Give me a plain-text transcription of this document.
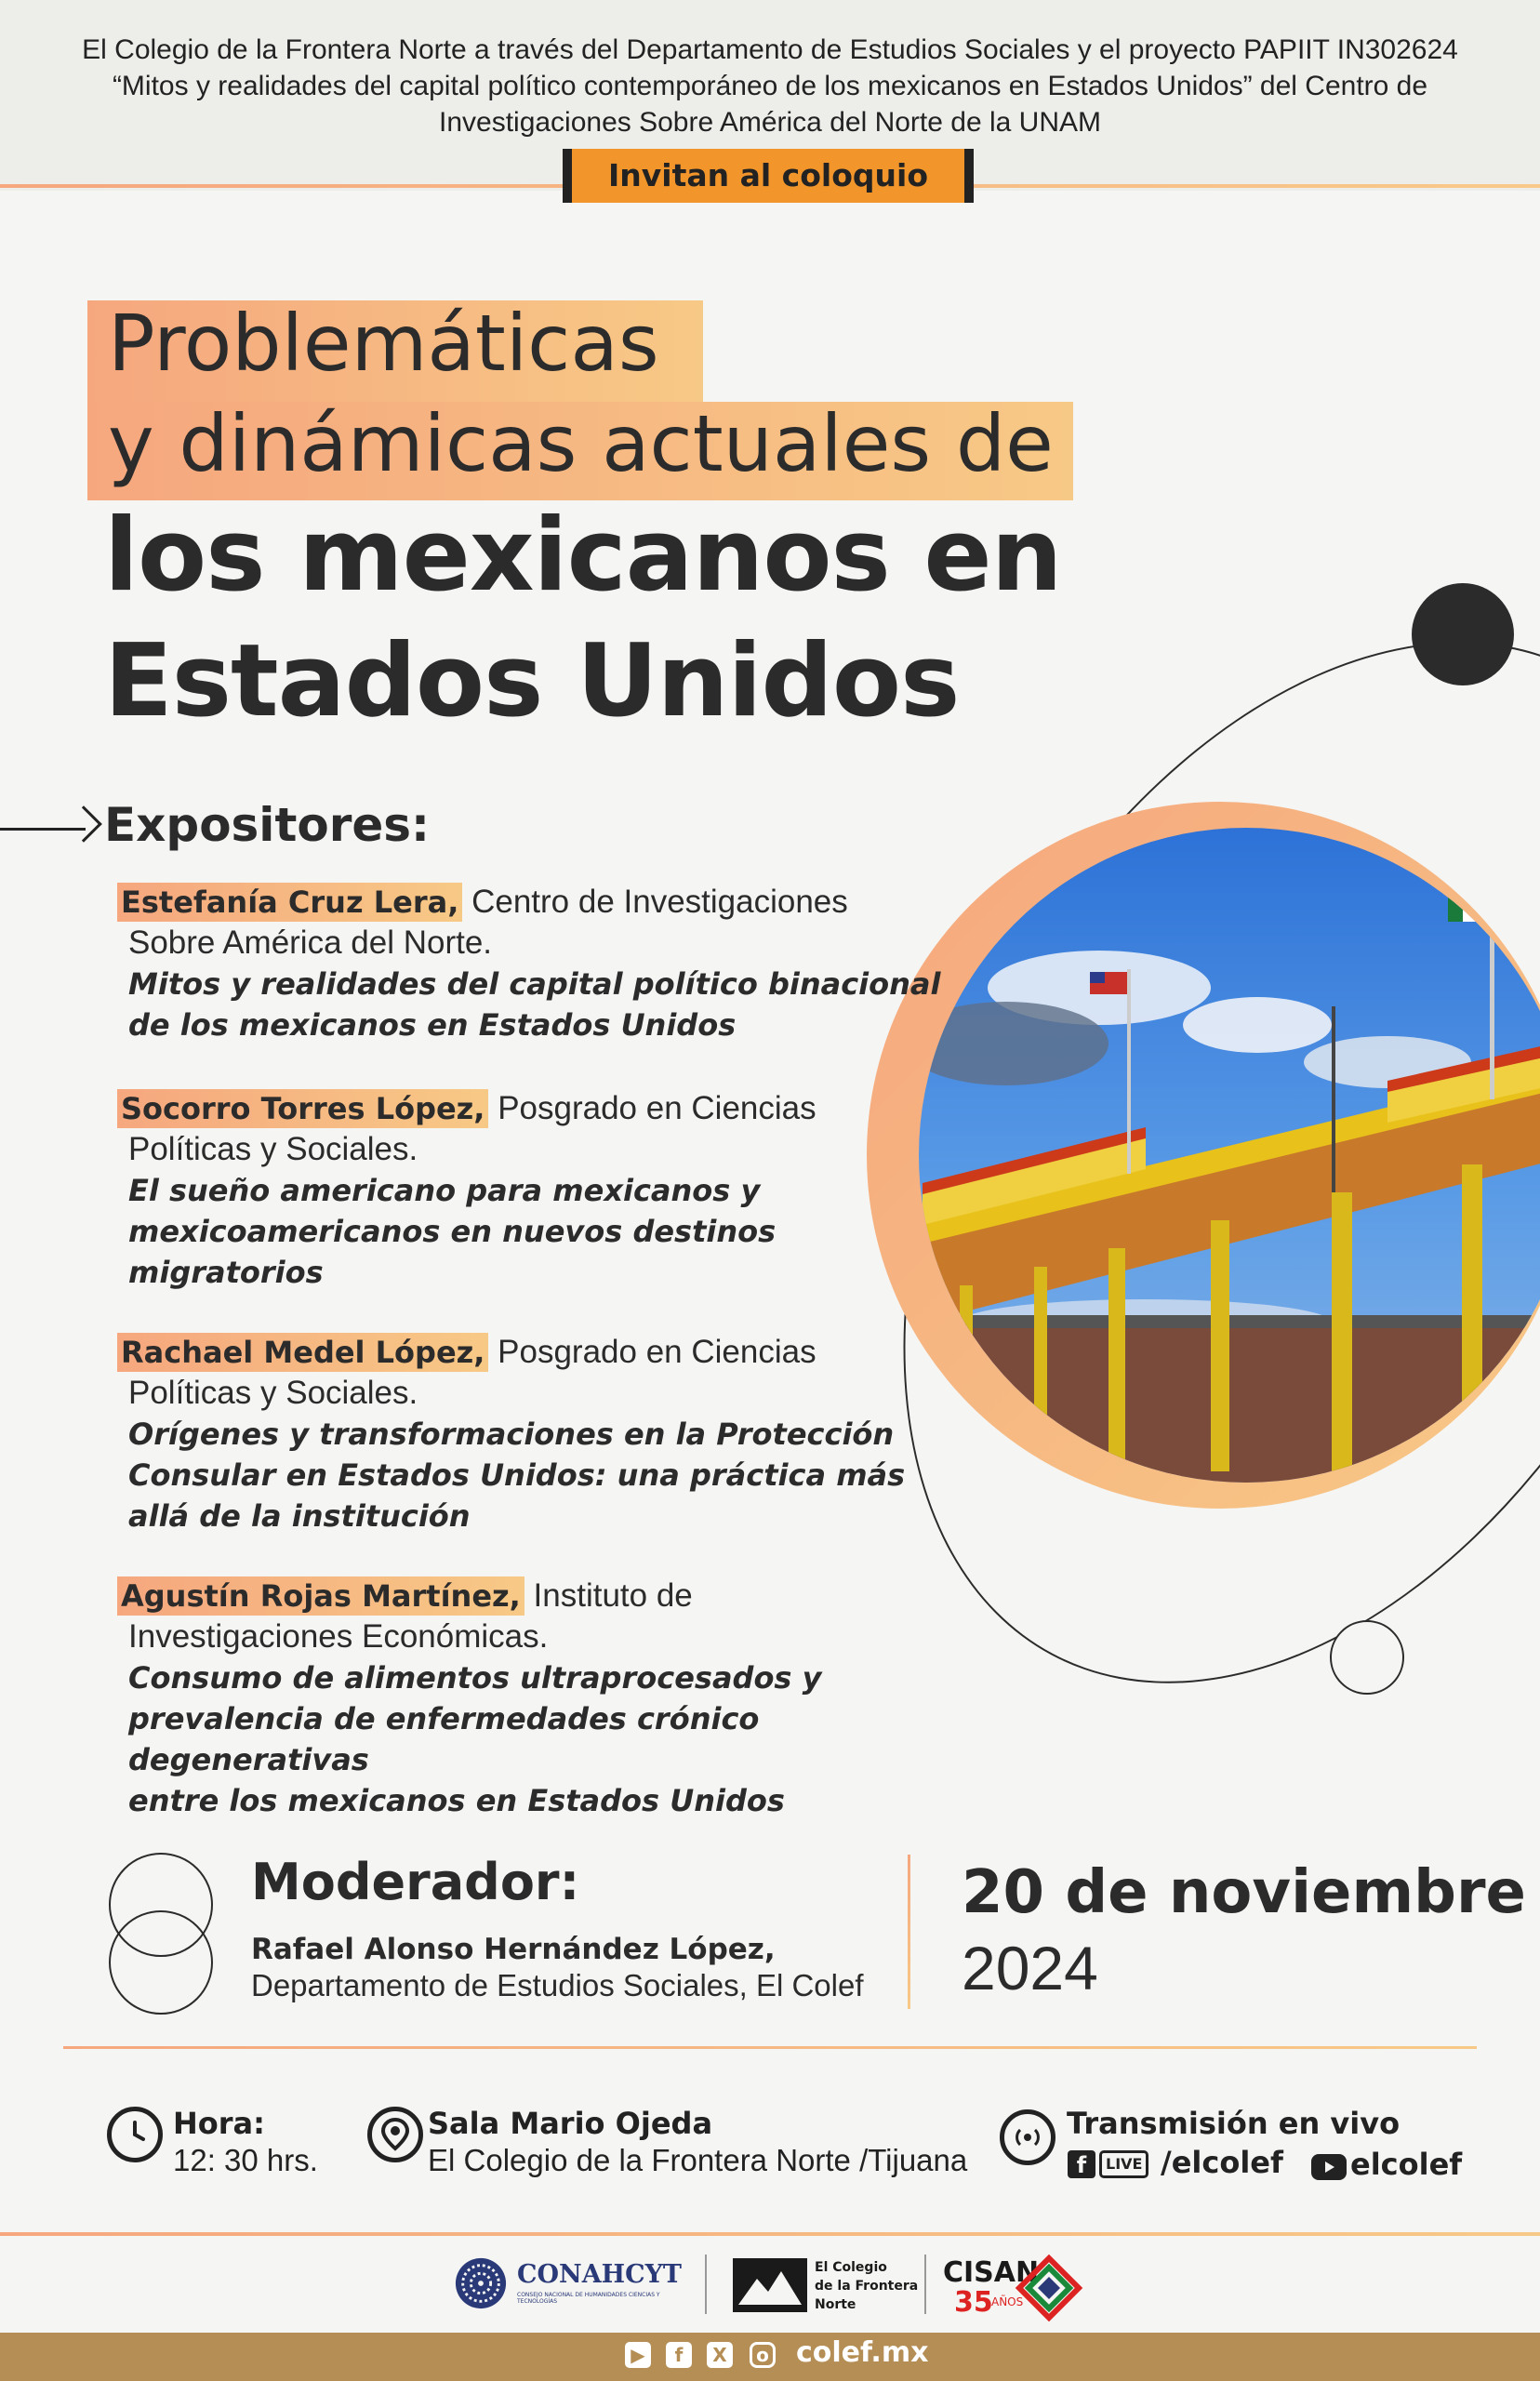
El Colegio de la Frontera Norte a través del Departamento de Estudios Sociales y el proyecto PAPIIT IN302624
“Mitos y realidades del capital político contemporáneo de los mexicanos en Estados Unidos” del Centro de
Investigaciones Sobre América del Norte de la UNAM
Invitan al coloquio
Problemáticas
y dinámicas actuales de
los mexicanos en
Estados Unidos
Expositores:
Estefanía Cruz Lera, Centro de Investigaciones
Sobre América del Norte.
Mitos y realidades del capital político binacional
de los mexicanos en Estados Unidos
Socorro Torres López, Posgrado en Ciencias
Políticas y Sociales.
El sueño americano para mexicanos y
mexicoamericanos en nuevos destinos
migratorios
Rachael Medel López, Posgrado en Ciencias
Políticas y Sociales.
Orígenes y transformaciones en la Protección
Consular en Estados Unidos: una práctica más
allá de la institución
Agustín Rojas Martínez, Instituto de
Investigaciones Económicas.
Consumo de alimentos ultraprocesados y
prevalencia de enfermedades crónico degenerativas
entre los mexicanos en Estados Unidos
Moderador:
Rafael Alonso Hernández López,
Departamento de Estudios Sociales, El Colef
20 de noviembre
2024
Hora:
12: 30 hrs.
Sala Mario Ojeda
El Colegio de la Frontera Norte /Tijuana
Transmisión en vivo
f	LIVE /elcolef elcolef
CONAHCYT
CONSEJO NACIONAL DE HUMANIDADES CIENCIAS Y TECNOLOGÍAS
El Colegio
de la Frontera
Norte
CISAN
35
AÑOS
▶	f	X	o colef.mx
